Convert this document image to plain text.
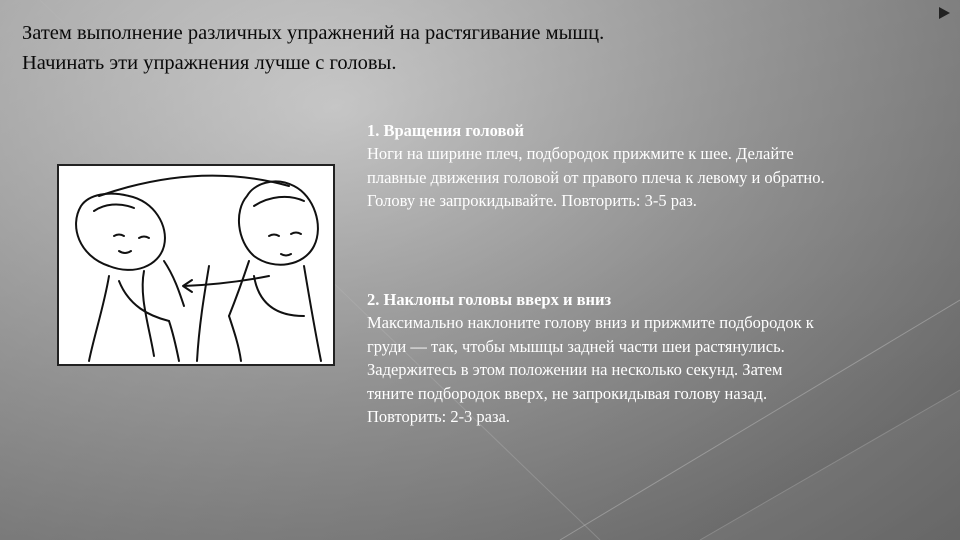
Затем выполнение различных упражнений на растягивание мышц.
Начинать эти упражнения лучше с головы.
1. Вращения головой
Ноги на ширине плеч, подбородок прижмите к шее. Делайте
плавные движения головой от правого плеча к левому и обратно.
Голову не запрокидывайте. Повторить: 3-5 раз.
2. Наклоны головы вверх и вниз
Максимально наклоните голову вниз и прижмите подбородок к
груди — так, чтобы мышцы задней части шеи растянулись.
Задержитесь в этом положении на несколько секунд. Затем
тяните подбородок вверх, не запрокидывая голову назад.
Повторить: 2-3 раза.
